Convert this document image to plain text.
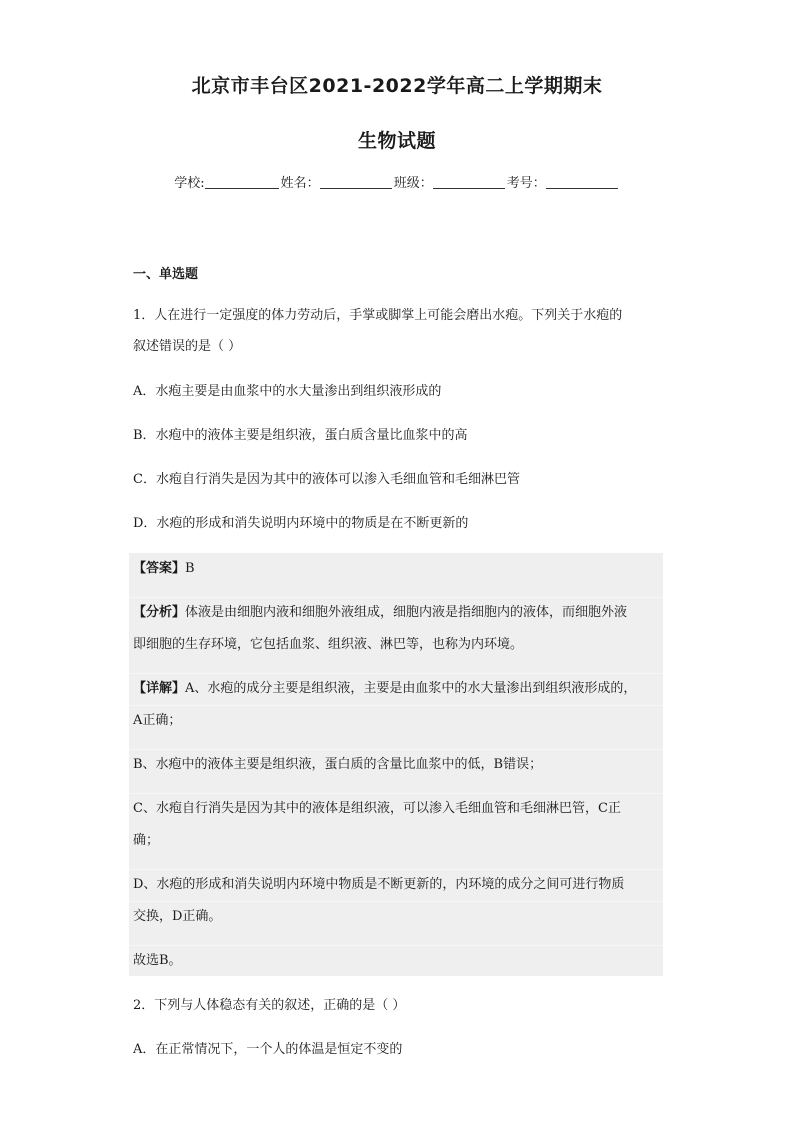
北京市丰台区2021-2022学年高二上学期期末
生物试题
学校:	姓名：	班级：	考号：
一、单选题
1．人在进行一定强度的体力劳动后，手掌或脚掌上可能会磨出水疱。下列关于水疱的
叙述错误的是（ ）
A．水疱主要是由血浆中的水大量渗出到组织液形成的
B．水疱中的液体主要是组织液，蛋白质含量比血浆中的高
C．水疱自行消失是因为其中的液体可以渗入毛细血管和毛细淋巴管
D．水疱的形成和消失说明内环境中的物质是在不断更新的
【答案】B
【分析】体液是由细胞内液和细胞外液组成，细胞内液是指细胞内的液体，而细胞外液
即细胞的生存环境，它包括血浆、组织液、淋巴等，也称为内环境。
【详解】A、水疱的成分主要是组织液，主要是由血浆中的水大量渗出到组织液形成的，
A正确；
B、水疱中的液体主要是组织液，蛋白质的含量比血浆中的低，B错误；
C、水疱自行消失是因为其中的液体是组织液，可以渗入毛细血管和毛细淋巴管，C正
确；
D、水疱的形成和消失说明内环境中物质是不断更新的，内环境的成分之间可进行物质
交换，D正确。
故选B。
2．下列与人体稳态有关的叙述，正确的是（ ）
A．在正常情况下，一个人的体温是恒定不变的
